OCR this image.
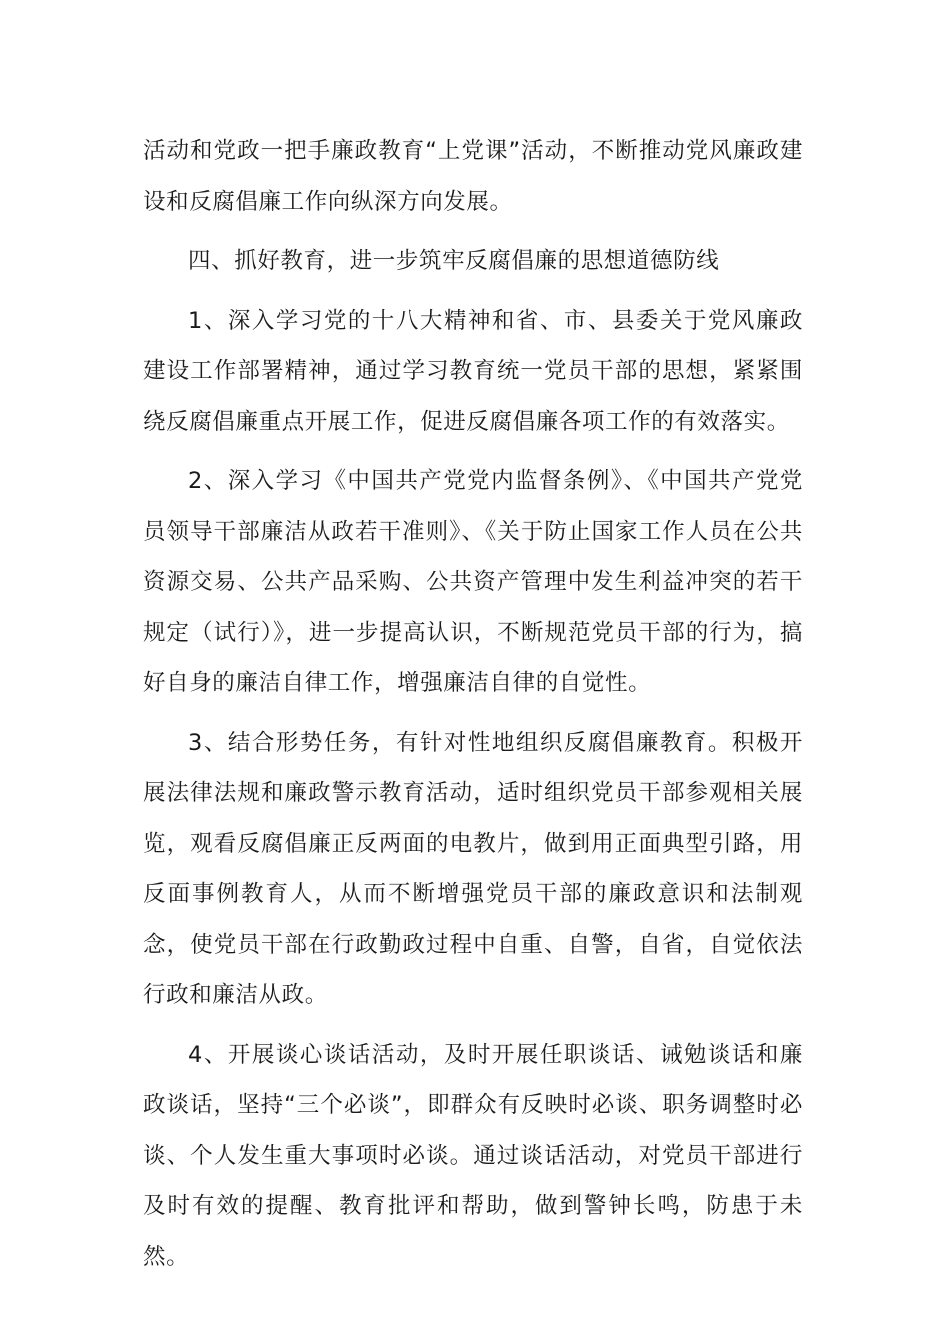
活动和党政一把手廉政教育“上党课”活动，不断推动党风廉政建设和反腐倡廉工作向纵深方向发展。

四、抓好教育，进一步筑牢反腐倡廉的思想道德防线

1、深入学习党的十八大精神和省、市、县委关于党风廉政建设工作部署精神，通过学习教育统一党员干部的思想，紧紧围绕反腐倡廉重点开展工作，促进反腐倡廉各项工作的有效落实。

2、深入学习《中国共产党党内监督条例》、《中国共产党党员领导干部廉洁从政若干准则》、《关于防止国家工作人员在公共资源交易、公共产品采购、公共资产管理中发生利益冲突的若干规定（试行）》，进一步提高认识，不断规范党员干部的行为，搞好自身的廉洁自律工作，增强廉洁自律的自觉性。

3、结合形势任务，有针对性地组织反腐倡廉教育。积极开展法律法规和廉政警示教育活动，适时组织党员干部参观相关展览，观看反腐倡廉正反两面的电教片，做到用正面典型引路，用反面事例教育人，从而不断增强党员干部的廉政意识和法制观念，使党员干部在行政勤政过程中自重、自警，自省，自觉依法行政和廉洁从政。

4、开展谈心谈话活动，及时开展任职谈话、诫勉谈话和廉政谈话，坚持“三个必谈”，即群众有反映时必谈、职务调整时必谈、个人发生重大事项时必谈。通过谈话活动，对党员干部进行及时有效的提醒、教育批评和帮助，做到警钟长鸣，防患于未然。
